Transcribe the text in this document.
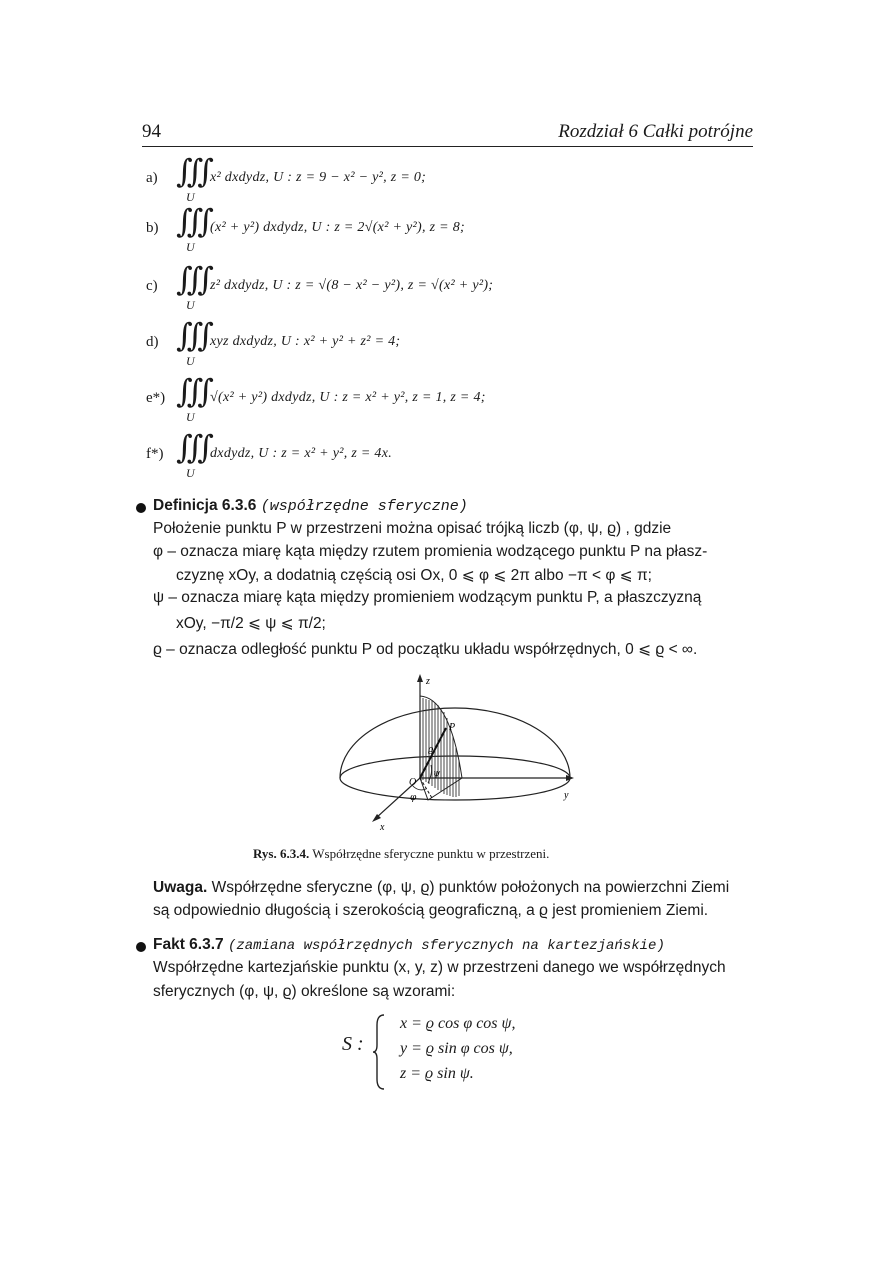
94	Rozdział 6 Całki potrójne
a) ∭
U
x² dxdydz, U : z = 9 − x² − y², z = 0;
b) ∭
U
(x² + y²) dxdydz, U : z = 2√(x² + y²), z = 8;
c) ∭
U
z² dxdydz, U : z = √(8 − x² − y²), z = √(x² + y²);
d) ∭
U
xyz dxdydz, U : x² + y² + z² = 4;
e*) ∭
U
√(x² + y²) dxdydz, U : z = x² + y², z = 1, z = 4;
f*) ∭
U
dxdydz, U : z = x² + y², z = 4x.
Definicja 6.3.6 (współrzędne sferyczne)
Położenie punktu P w przestrzeni można opisać trójką liczb (φ, ψ, ϱ) , gdzie
φ – oznacza miarę kąta między rzutem promienia wodzącego punktu P na płasz-
czyznę xOy, a dodatnią częścią osi Ox, 0 ⩽ φ ⩽ 2π albo −π < φ ⩽ π;
ψ – oznacza miarę kąta między promieniem wodzącym punktu P, a płaszczyzną
xOy, −π/2 ⩽ ψ ⩽ π/2;
ϱ – oznacza odległość punktu P od początku układu współrzędnych, 0 ⩽ ϱ < ∞.
z
y
x
O
P
ϱ
ψ
φ
Rys. 6.3.4. Współrzędne sferyczne punktu w przestrzeni.
Uwaga. Współrzędne sferyczne (φ, ψ, ϱ) punktów położonych na powierzchni Ziemi
są odpowiednio długością i szerokością geograficzną, a ϱ jest promieniem Ziemi.
Fakt 6.3.7 (zamiana współrzędnych sferycznych na kartezjańskie)
Współrzędne kartezjańskie punktu (x, y, z) w przestrzeni danego we współrzędnych
sferycznych (φ, ψ, ϱ) określone są wzorami:
S :
x = ϱ cos φ cos ψ,
y = ϱ sin φ cos ψ,
z = ϱ sin ψ.
